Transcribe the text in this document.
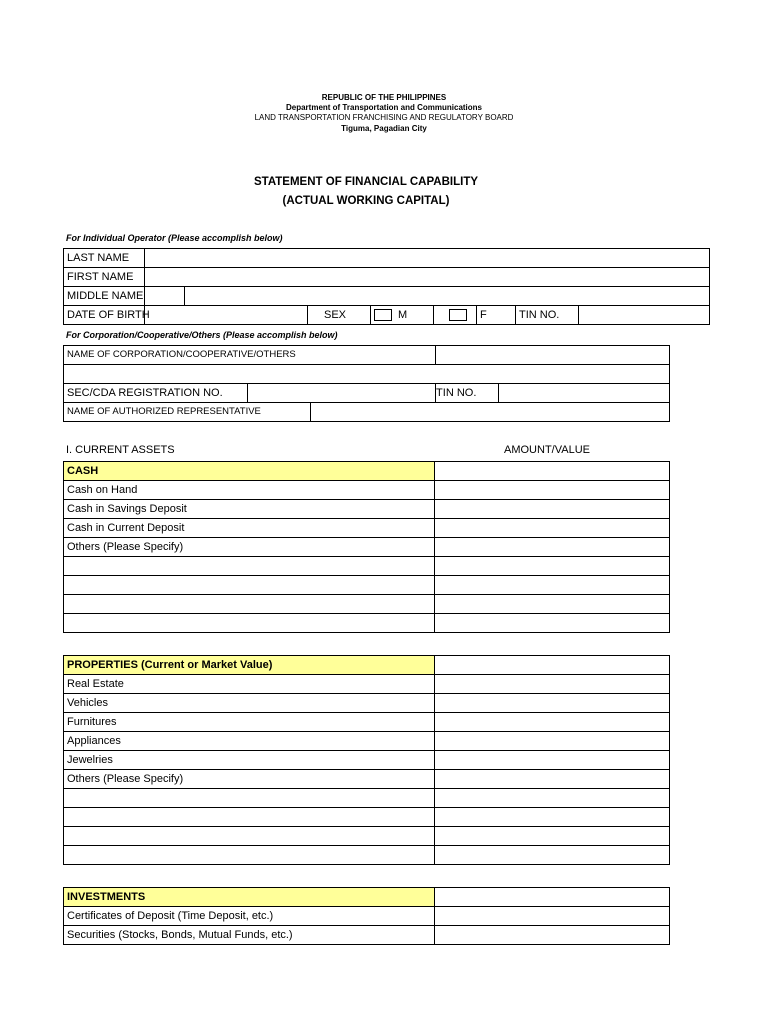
REPUBLIC OF THE PHILIPPINES
Department of Transportation and Communications
LAND TRANSPORTATION FRANCHISING AND REGULATORY BOARD
Tiguma, Pagadian City
STATEMENT OF FINANCIAL CAPABILITY
(ACTUAL WORKING CAPITAL)
For Individual Operator (Please accomplish below)
LAST NAME								
FIRST NAME								
MIDDLE NAME								
DATE OF BIRTH			SEX	M		F	TIN NO.	
For Corporation/Cooperative/Others (Please accomplish below)
NAME OF CORPORATION/COOPERATIVE/OTHERS				

SEC/CDA REGISTRATION NO.			TIN NO.	
NAME OF AUTHORIZED REPRESENTATIVE				
I. CURRENT ASSETS	AMOUNT/VALUE
CASH	
Cash on Hand	
Cash in Savings Deposit	
Cash in Current Deposit	
Others (Please Specify)	

PROPERTIES (Current or Market Value)	
Real Estate	
Vehicles	
Furnitures	
Appliances	
Jewelries	
Others (Please Specify)	

INVESTMENTS	
Certificates of Deposit (Time Deposit, etc.)	
Securities (Stocks, Bonds, Mutual Funds, etc.)	
